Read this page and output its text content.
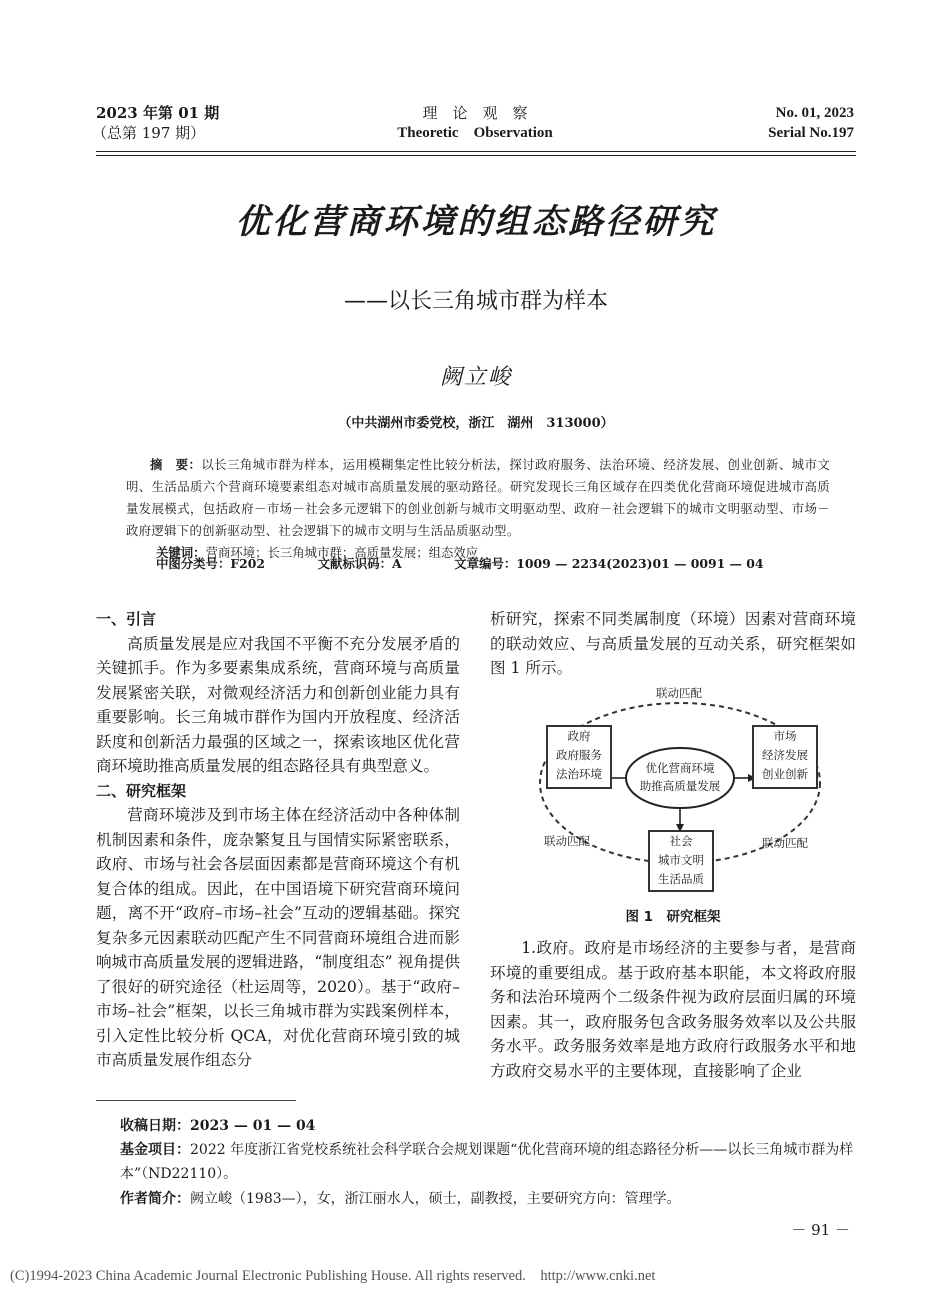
2023 年第 01 期
（总第 197 期）
理　论　观　察
Theoretic　Observation
No. 01, 2023
Serial No.197
优化营商环境的组态路径研究
——以长三角城市群为样本
阙立峻
（中共湖州市委党校，浙江　湖州　313000）
摘　要：以长三角城市群为样本，运用模糊集定性比较分析法，探讨政府服务、法治环境、经济发展、创业创新、城市文明、生活品质六个营商环境要素组态对城市高质量发展的驱动路径。研究发现长三角区域存在四类优化营商环境促进城市高质量发展模式，包括政府－市场－社会多元逻辑下的创业创新与城市文明驱动型、政府－社会逻辑下的城市文明驱动型、市场－政府逻辑下的创新驱动型、社会逻辑下的城市文明与生活品质驱动型。
关键词：营商环境；长三角城市群；高质量发展；组态效应
中图分类号：F202	文献标识码：A	文章编号：1009 — 2234(2023)01 — 0091 — 04
一、引言

高质量发展是应对我国不平衡不充分发展矛盾的关键抓手。作为多要素集成系统，营商环境与高质量发展紧密关联，对微观经济活力和创新创业能力具有重要影响。长三角城市群作为国内开放程度、经济活跃度和创新活力最强的区域之一，探索该地区优化营商环境助推高质量发展的组态路径具有典型意义。

二、研究框架

营商环境涉及到市场主体在经济活动中各种体制机制因素和条件，庞杂繁复且与国情实际紧密联系，政府、市场与社会各层面因素都是营商环境这个有机复合体的组成。因此，在中国语境下研究营商环境问题，离不开“政府–市场–社会”互动的逻辑基础。探究复杂多元因素联动匹配产生不同营商环境组合进而影响城市高质量发展的逻辑进路，“制度组态” 视角提供了很好的研究途径（杜运周等，2020）。基于“政府–市场–社会”框架，以长三角城市群为实践案例样本，引入定性比较分析 QCA，对优化营商环境引致的城市高质量发展作组态分

析研究，探索不同类属制度（环境）因素对营商环境的联动效应、与高质量发展的互动关系，研究框架如图 1 所示。

联动匹配
联动匹配	联动匹配
优化营商环境
助推高质量发展
政府
政府服务
法治环境
市场
经济发展
创业创新
社会
城市文明
生活品质
图 1　研究框架

1.政府。政府是市场经济的主要参与者，是营商环境的重要组成。基于政府基本职能，本文将政府服务和法治环境两个二级条件视为政府层面归属的环境因素。其一，政府服务包含政务服务效率以及公共服务水平。政务服务效率是地方政府行政服务水平和地方政府交易水平的主要体现，直接影响了企业

收稿日期：2023 — 01 — 04
基金项目：2022 年度浙江省党校系统社会科学联合会规划课题“优化营商环境的组态路径分析——以长三角城市群为样本”（ND22110）。
作者简介：阙立峻（1983—），女，浙江丽水人，硕士，副教授，主要研究方向：管理学。
－ 91 －
(C)1994-2023 China Academic Journal Electronic Publishing House. All rights reserved.　http://www.cnki.net
